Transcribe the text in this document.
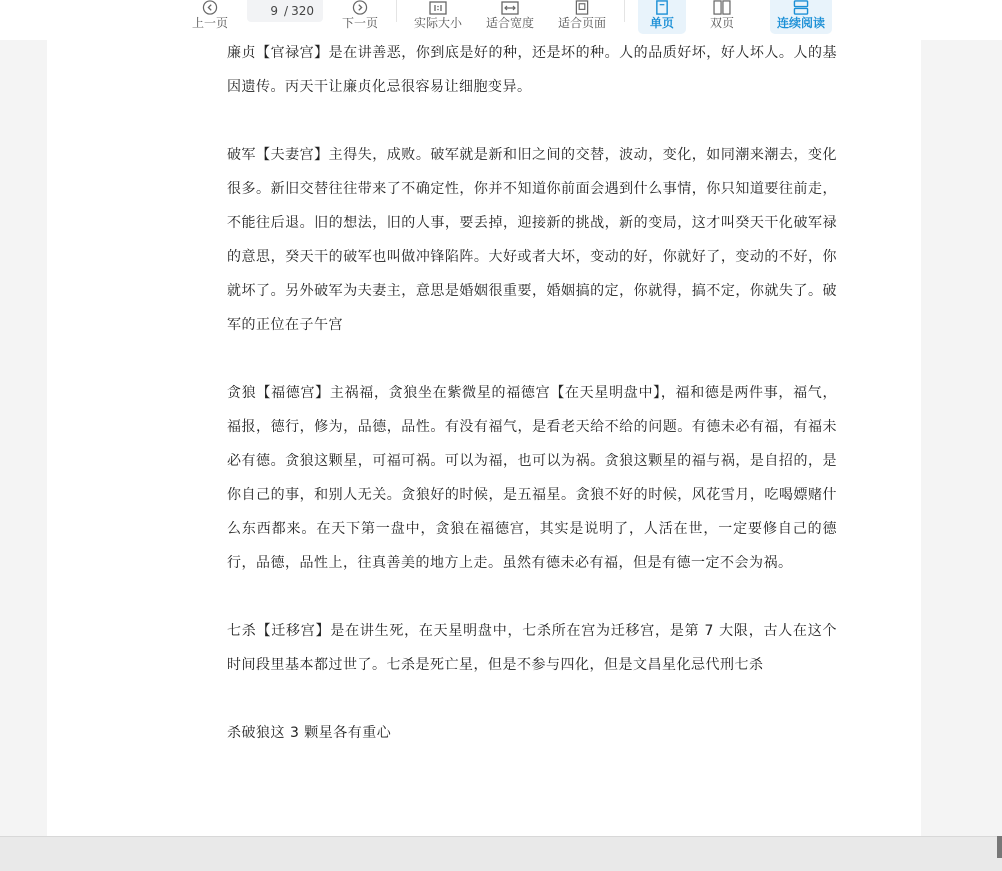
廉贞【官禄宫】是在讲善恶，你到底是好的种，还是坏的种。人的品质好坏，好人坏人。人的基因遗传。丙天干让廉贞化忌很容易让细胞变异。

破军【夫妻宫】主得失，成败。破军就是新和旧之间的交替，波动，变化，如同潮来潮去，变化很多。新旧交替往往带来了不确定性，你并不知道你前面会遇到什么事情，你只知道要往前走，不能往后退。旧的想法，旧的人事，要丢掉，迎接新的挑战，新的变局，这才叫癸天干化破军禄的意思，癸天干的破军也叫做冲锋陷阵。大好或者大坏，变动的好，你就好了，变动的不好，你就坏了。另外破军为夫妻主，意思是婚姻很重要，婚姻搞的定，你就得，搞不定，你就失了。破军的正位在子午宫

贪狼【福德宫】主祸福，贪狼坐在紫微星的福德宫【在天星明盘中】，福和德是两件事，福气，福报，德行，修为，品德，品性。有没有福气，是看老天给不给的问题。有德未必有福，有福未必有德。贪狼这颗星，可福可祸。可以为福，也可以为祸。贪狼这颗星的福与祸，是自招的，是你自己的事，和别人无关。贪狼好的时候，是五福星。贪狼不好的时候，风花雪月，吃喝嫖赌什么东西都来。在天下第一盘中，贪狼在福德宫，其实是说明了，人活在世，一定要修自己的德行，品德，品性上，往真善美的地方上走。虽然有德未必有福，但是有德一定不会为祸。

七杀【迁移宫】是在讲生死，在天星明盘中，七杀所在宫为迁移宫，是第 7 大限，古人在这个时间段里基本都过世了。七杀是死亡星，但是不参与四化，但是文昌星化忌代刑七杀

杀破狼这 3 颗星各有重心

上一页
9
/ 320
下一页	实际大小 适合宽度 适合页面	单页	双页	连续阅读
